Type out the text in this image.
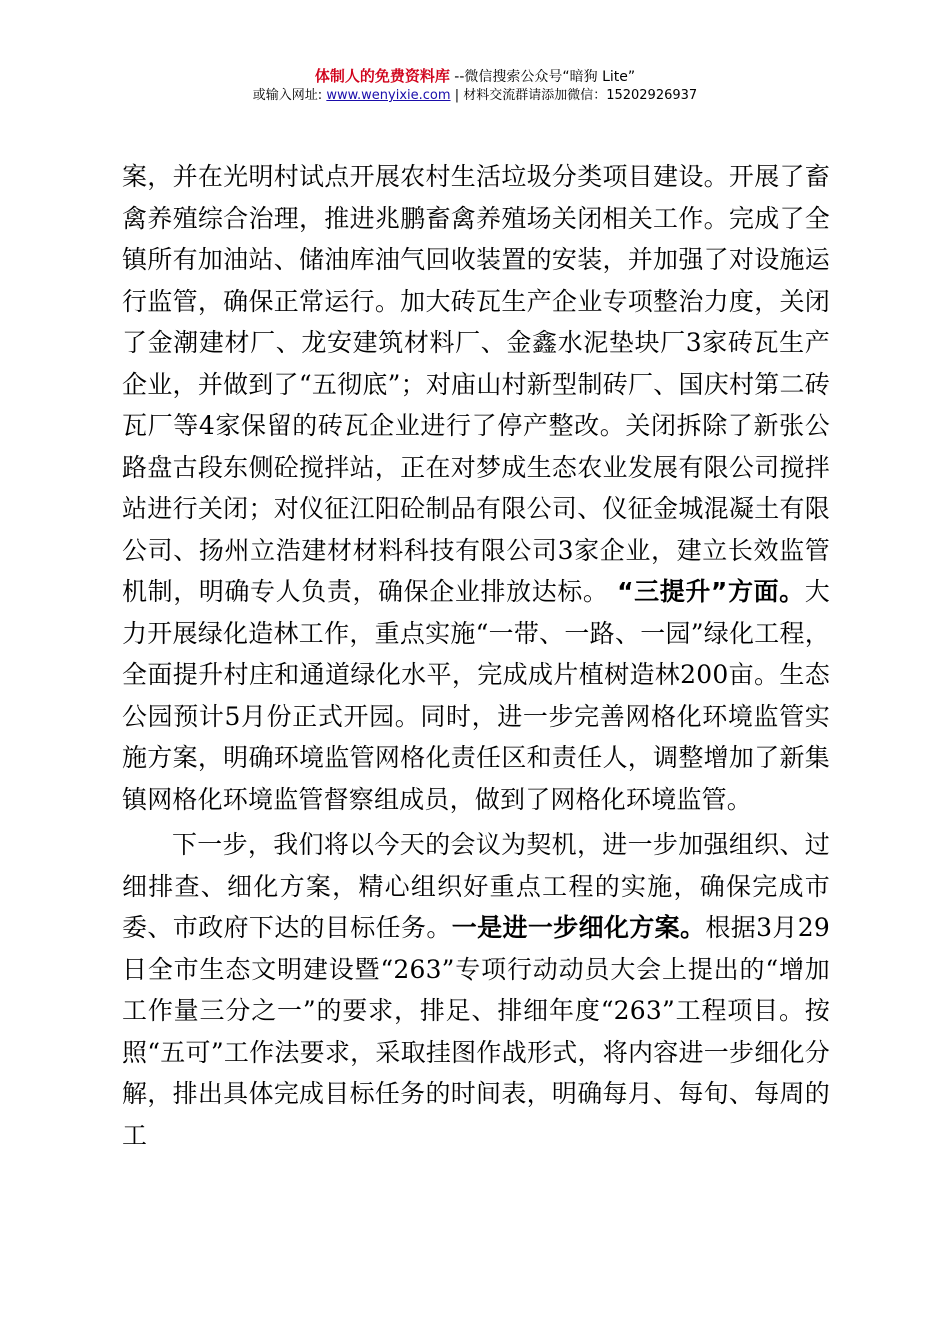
体制人的免费资料库 --微信搜索公众号“暗狗 Lite”
或输入网址: www.wenyixie.com | 材料交流群请添加微信：15202926937

案，并在光明村试点开展农村生活垃圾分类项目建设。开展了畜禽养殖综合治理，推进兆鹏畜禽养殖场关闭相关工作。完成了全镇所有加油站、储油库油气回收装置的安装，并加强了对设施运行监管，确保正常运行。加大砖瓦生产企业专项整治力度，关闭了金潮建材厂、龙安建筑材料厂、金鑫水泥垫块厂3家砖瓦生产企业，并做到了“五彻底”；对庙山村新型制砖厂、国庆村第二砖瓦厂等4家保留的砖瓦企业进行了停产整改。关闭拆除了新张公路盘古段东侧砼搅拌站，正在对梦成生态农业发展有限公司搅拌站进行关闭；对仪征江阳砼制品有限公司、仪征金城混凝土有限公司、扬州立浩建材材料科技有限公司3家企业，建立长效监管机制，明确专人负责，确保企业排放达标。 “三提升”方面。大力开展绿化造林工作，重点实施“一带、一路、一园”绿化工程，全面提升村庄和通道绿化水平，完成成片植树造林200亩。生态公园预计5月份正式开园。同时，进一步完善网格化环境监管实施方案，明确环境监管网格化责任区和责任人，调整增加了新集镇网格化环境监管督察组成员，做到了网格化环境监管。

下一步，我们将以今天的会议为契机，进一步加强组织、过细排查、细化方案，精心组织好重点工程的实施，确保完成市委、市政府下达的目标任务。一是进一步细化方案。根据3月29日全市生态文明建设暨“263”专项行动动员大会上提出的“增加工作量三分之一”的要求，排足、排细年度“263”工程项目。按照“五可”工作法要求，采取挂图作战形式，将内容进一步细化分解，排出具体完成目标任务的时间表，明确每月、每旬、每周的工
